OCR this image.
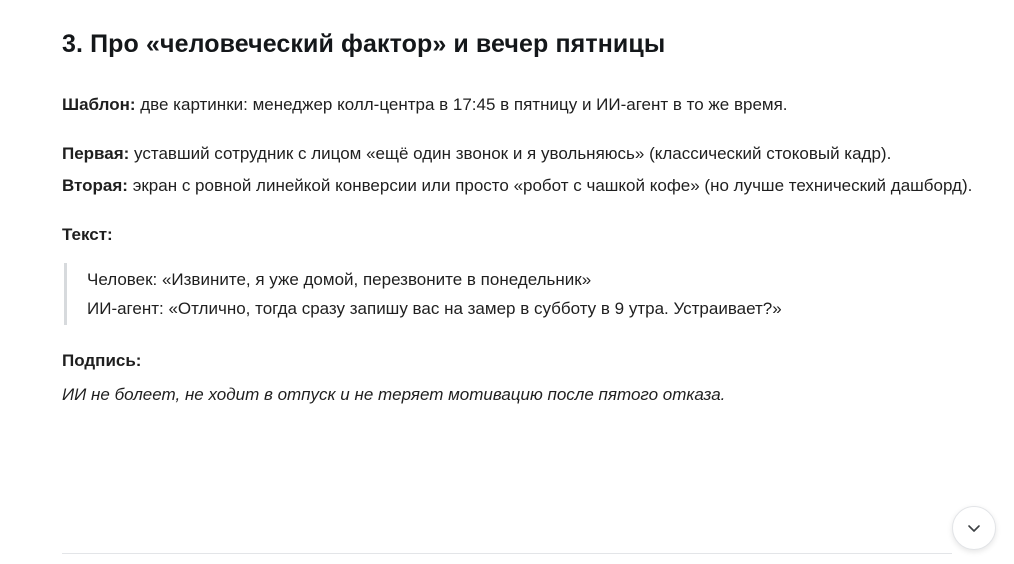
3. Про «человеческий фактор» и вечер пятницы

Шаблон: две картинки: менеджер колл-центра в 17:45 в пятницу и ИИ-агент в то же время.

Первая: уставший сотрудник с лицом «ещё один звонок и я увольняюсь» (классический стоковый кадр).

Вторая: экран с ровной линейкой конверсии или просто «робот с чашкой кофе» (но лучше технический дашборд).

Текст:

Человек: «Извините, я уже домой, перезвоните в понедельник»
ИИ-агент: «Отлично, тогда сразу запишу вас на замер в субботу в 9 утра. Устраивает?»

Подпись:

ИИ не болеет, не ходит в отпуск и не теряет мотивацию после пятого отказа.
